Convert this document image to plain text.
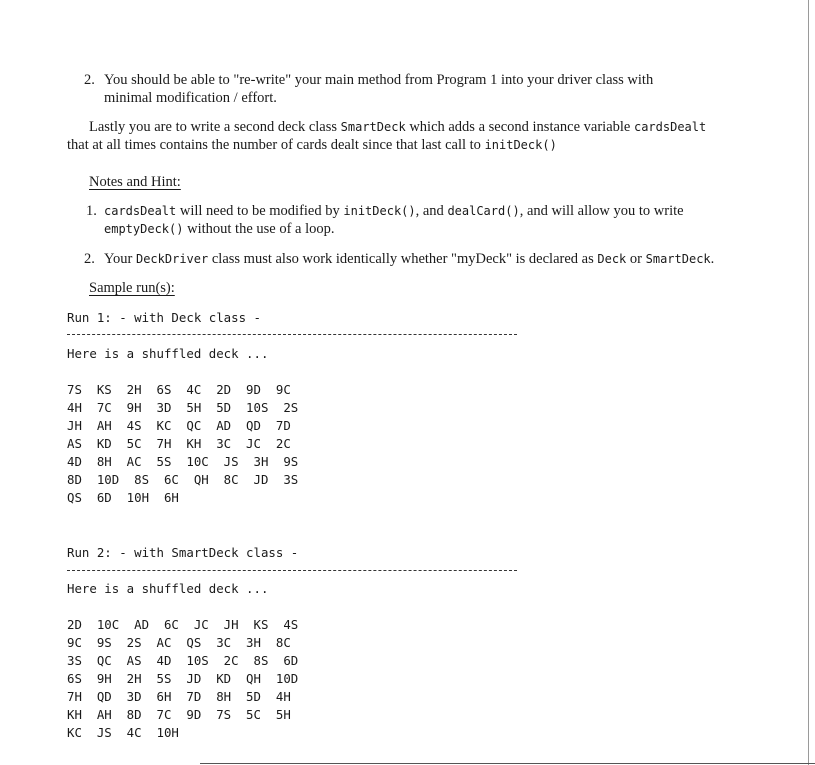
2. You should be able to "re-write" your main method from Program 1 into your driver class with
minimal modification / effort.
Lastly you are to write a second deck class SmartDeck which adds a second instance variable cardsDealt
that at all times contains the number of cards dealt since that last call to initDeck()
Notes and Hint:
1. cardsDealt will need to be modified by initDeck(), and dealCard(), and will allow you to write
emptyDeck() without the use of a loop.
2. Your DeckDriver class must also work identically whether "myDeck" is declared as Deck or SmartDeck.
Sample run(s):
Run 1: - with Deck class -
Here is a shuffled deck ...
7S  KS  2H  6S  4C  2D  9D  9C
4H  7C  9H  3D  5H  5D  10S  2S
JH  AH  4S  KC  QC  AD  QD  7D
AS  KD  5C  7H  KH  3C  JC  2C
4D  8H  AC  5S  10C  JS  3H  9S
8D  10D  8S  6C  QH  8C  JD  3S
QS  6D  10H  6H
Run 2: - with SmartDeck class -
Here is a shuffled deck ...
2D  10C  AD  6C  JC  JH  KS  4S
9C  9S  2S  AC  QS  3C  3H  8C
3S  QC  AS  4D  10S  2C  8S  6D
6S  9H  2H  5S  JD  KD  QH  10D
7H  QD  3D  6H  7D  8H  5D  4H
KH  AH  8D  7C  9D  7S  5C  5H
KC  JS  4C  10H
